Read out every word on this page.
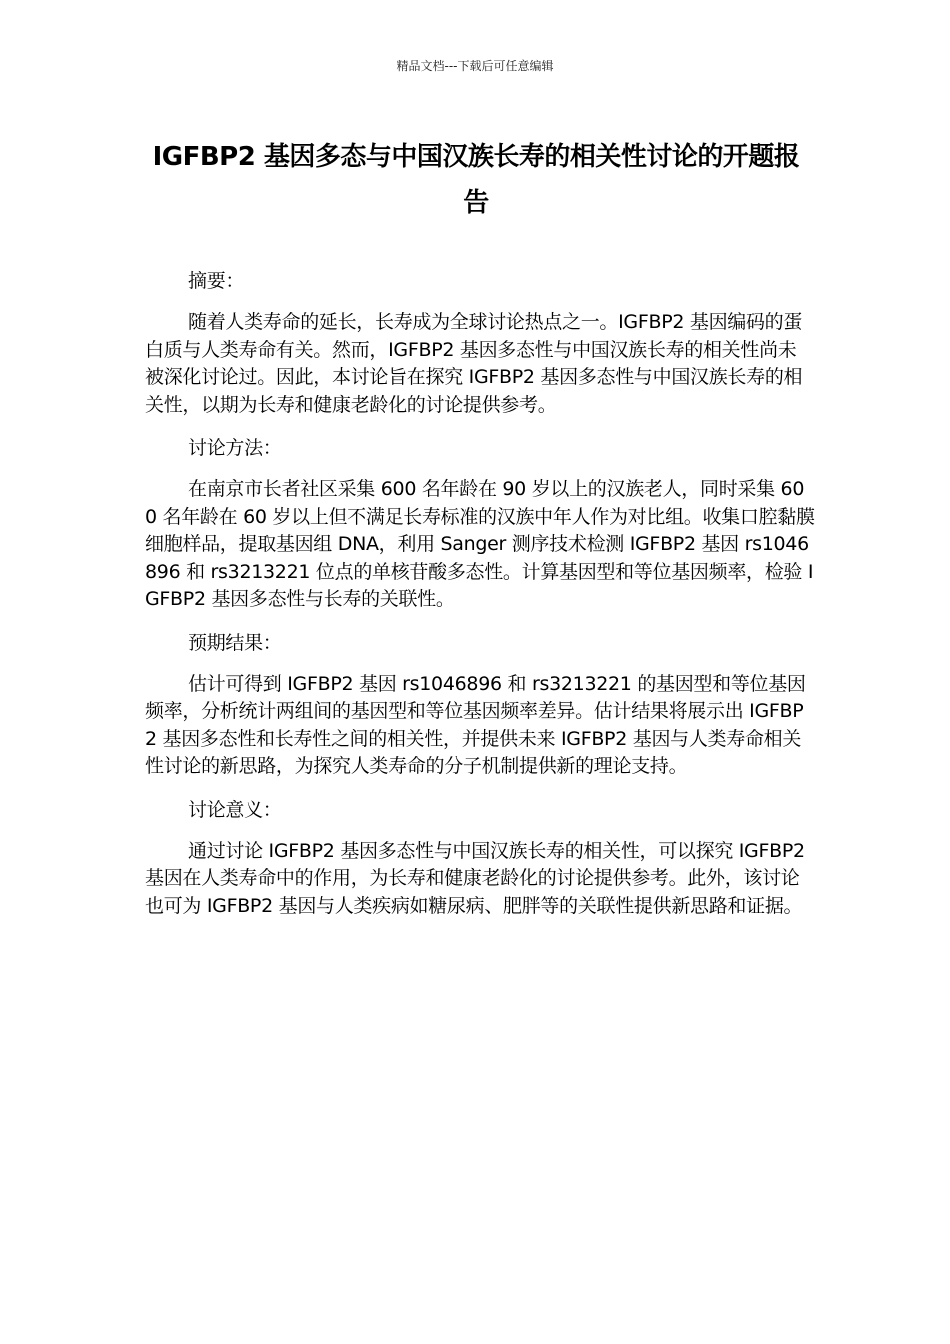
精品文档---下载后可任意编辑
IGFBP2 基因多态与中国汉族长寿的相关性讨论的开题报告

摘要：

随着人类寿命的延长，长寿成为全球讨论热点之一。IGFBP2 基因编码的蛋白质与人类寿命有关。然而，IGFBP2 基因多态性与中国汉族长寿的相关性尚未被深化讨论过。因此，本讨论旨在探究 IGFBP2 基因多态性与中国汉族长寿的相关性，以期为长寿和健康老龄化的讨论提供参考。

讨论方法：

在南京市长者社区采集 600 名年龄在 90 岁以上的汉族老人，同时采集 600 名年龄在 60 岁以上但不满足长寿标准的汉族中年人作为对比组。收集口腔黏膜细胞样品，提取基因组 DNA，利用 Sanger 测序技术检测 IGFBP2 基因 rs1046896 和 rs3213221 位点的单核苷酸多态性。计算基因型和等位基因频率，检验 IGFBP2 基因多态性与长寿的关联性。

预期结果：

估计可得到 IGFBP2 基因 rs1046896 和 rs3213221 的基因型和等位基因频率，分析统计两组间的基因型和等位基因频率差异。估计结果将展示出 IGFBP2 基因多态性和长寿性之间的相关性，并提供未来 IGFBP2 基因与人类寿命相关性讨论的新思路，为探究人类寿命的分子机制提供新的理论支持。

讨论意义：

通过讨论 IGFBP2 基因多态性与中国汉族长寿的相关性，可以探究 IGFBP2 基因在人类寿命中的作用，为长寿和健康老龄化的讨论提供参考。此外，该讨论也可为 IGFBP2 基因与人类疾病如糖尿病、肥胖等的关联性提供新思路和证据。
